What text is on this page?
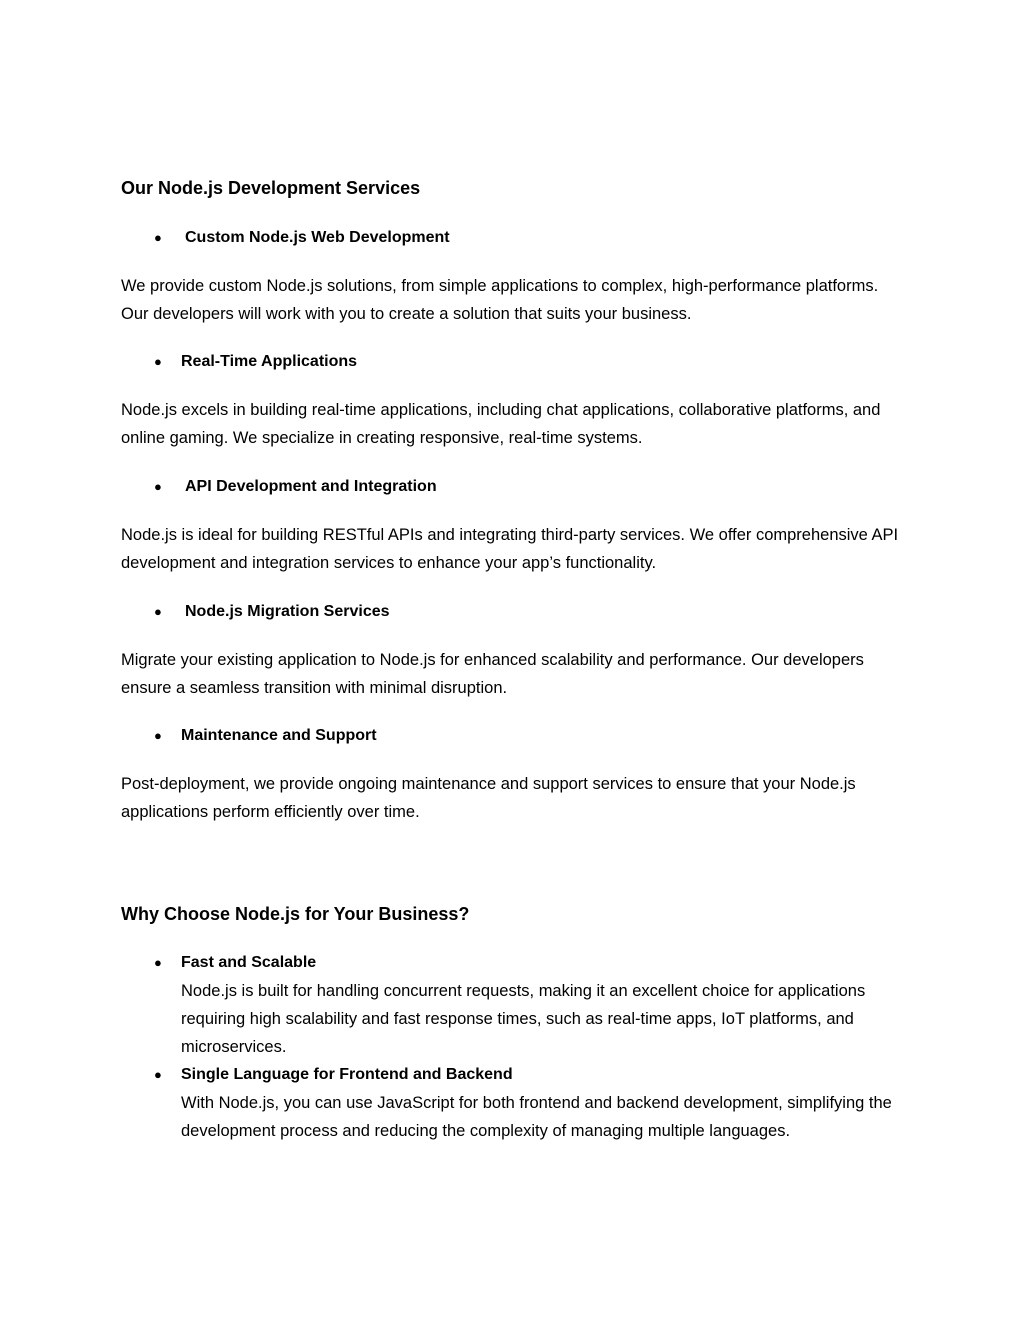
Our Node.js Development Services
● Custom Node.js Web Development

We provide custom Node.js solutions, from simple applications to complex, high-performance platforms. Our developers will work with you to create a solution that suits your business.

● Real-Time Applications

Node.js excels in building real-time applications, including chat applications, collaborative platforms, and online gaming. We specialize in creating responsive, real-time systems.

● API Development and Integration

Node.js is ideal for building RESTful APIs and integrating third-party services. We offer comprehensive API development and integration services to enhance your app’s functionality.

● Node.js Migration Services

Migrate your existing application to Node.js for enhanced scalability and performance. Our developers ensure a seamless transition with minimal disruption.

● Maintenance and Support

Post-deployment, we provide ongoing maintenance and support services to ensure that your Node.js applications perform efficiently over time.

Why Choose Node.js for Your Business?
● Fast and Scalable
Node.js is built for handling concurrent requests, making it an excellent choice for applications requiring high scalability and fast response times, such as real-time apps, IoT platforms, and microservices.
● Single Language for Frontend and Backend
With Node.js, you can use JavaScript for both frontend and backend development, simplifying the development process and reducing the complexity of managing multiple languages.
